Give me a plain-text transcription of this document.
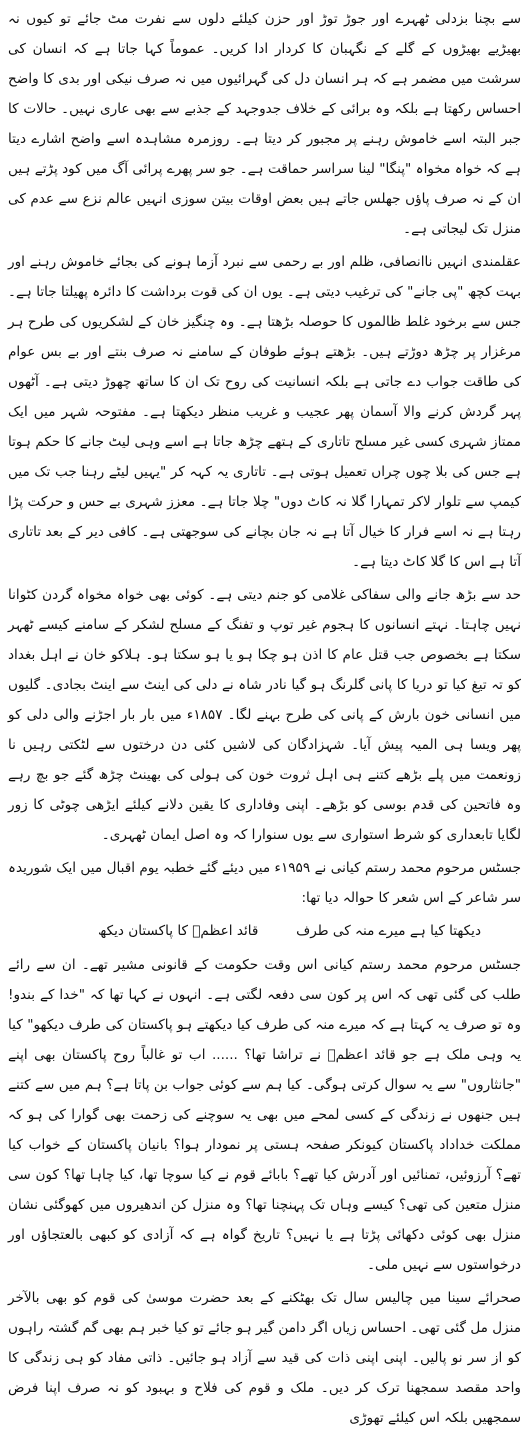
سے بچنا بزدلی ٹھہرے اور جوڑ توڑ اور حزن کیلئے دلوں سے نفرت مٹ جائے تو کیوں نہ بھیڑیے بھیڑوں کے گلے کے نگہبان کا کردار ادا کریں۔ عموماً کہا جاتا ہے کہ انسان کی سرشت میں مضمر ہے کہ ہر انسان دل کی گہرائیوں میں نہ صرف نیکی اور بدی کا واضح احساس رکھتا ہے بلکہ وہ برائی کے خلاف جدوجہد کے جذبے سے بھی عاری نہیں۔ حالات کا جبر البتہ اسے خاموش رہنے پر مجبور کر دیتا ہے۔ روزمرہ مشاہدہ اسے واضح اشارے دیتا ہے کہ خواہ مخواہ "پنگا" لینا سراسر حماقت ہے۔ جو سر پھرے پرائی آگ میں کود پڑتے ہیں ان کے نہ صرف پاؤں جھلس جاتے ہیں بعض اوقات بیتن سوزی انہیں عالم نزع سے عدم کی منزل تک لیجاتی ہے۔

عقلمندی انہیں ناانصافی، ظلم اور بے رحمی سے نبرد آزما ہونے کی بجائے خاموش رہنے اور بہت کچھ "پی جانے" کی ترغیب دیتی ہے۔ یوں ان کی قوت برداشت کا دائرہ پھیلتا جاتا ہے۔ جس سے برخود غلط ظالموں کا حوصلہ بڑھتا ہے۔ وہ چنگیز خان کے لشکریوں کی طرح ہر مرغزار پر چڑھ دوڑتے ہیں۔ بڑھتے ہوئے طوفان کے سامنے نہ صرف بنتے اور بے بس عوام کی طاقت جواب دے جاتی ہے بلکہ انسانیت کی روح تک ان کا ساتھ چھوڑ دیتی ہے۔ آٹھوں پہر گردش کرنے والا آسمان پھر عجیب و غریب منظر دیکھتا ہے۔ مفتوحہ شہر میں ایک ممتاز شہری کسی غیر مسلح تاتاری کے ہتھے چڑھ جاتا ہے اسے وہی لیٹ جانے کا حکم ہوتا ہے جس کی بلا چوں چراں تعمیل ہوتی ہے۔ تاتاری یہ کہہ کر "یہیں لیٹے رہنا جب تک میں کیمپ سے تلوار لاکر تمہارا گلا نہ کاٹ دوں" چلا جاتا ہے۔ معزز شہری بے حس و حرکت پڑا رہتا ہے نہ اسے فرار کا خیال آتا ہے نہ جان بچانے کی سوجھتی ہے۔ کافی دیر کے بعد تاتاری آتا ہے اس کا گلا کاٹ دیتا ہے۔

حد سے بڑھ جانے والی سفاکی غلامی کو جنم دیتی ہے۔ کوئی بھی خواہ مخواہ گردن کٹوانا نہیں چاہتا۔ نہتے انسانوں کا ہجوم غیر توپ و تفنگ کے مسلح لشکر کے سامنے کیسے ٹھہر سکتا ہے بخصوص جب قتل عام کا اذن ہو چکا ہو یا ہو سکتا ہو۔ ہلاکو خان نے اہل بغداد کو تہ تیغ کیا تو دریا کا پانی گلرنگ ہو گیا نادر شاہ نے دلی کی اینٹ سے اینٹ بجادی۔ گلیوں میں انسانی خون بارش کے پانی کی طرح بہنے لگا۔ ۱۸۵۷ء میں بار بار اجڑنے والی دلی کو پھر ویسا ہی المیہ پیش آیا۔ شہزادگان کی لاشیں کئی دن درختوں سے لٹکتی رہیں نا زونعمت میں پلے بڑھے کتنے ہی اہل ثروت خون کی ہولی کی بھینٹ چڑھ گئے جو بچ رہے وہ فاتحین کی قدم بوسی کو بڑھے۔ اپنی وفاداری کا یقین دلانے کیلئے ایڑھی چوٹی کا زور لگایا تابعداری کو شرط استواری سے یوں سنوارا کہ وہ اصل ایمان ٹھہری۔

جسٹس مرحوم محمد رستم کیانی نے ۱۹۵۹ء میں دیئے گئے خطبہ یوم اقبال میں ایک شوریدہ سر شاعر کے اس شعر کا حوالہ دیا تھا:

دیکھتا کیا ہے میرے منہ کی طرف
قائد اعظمؒ کا پاکستان دیکھ

جسٹس مرحوم محمد رستم کیانی اس وقت حکومت کے قانونی مشیر تھے۔ ان سے رائے طلب کی گئی تھی کہ اس پر کون سی دفعہ لگتی ہے۔ انہوں نے کہا تھا کہ "خدا کے بندو! وہ تو صرف یہ کہتا ہے کہ میرے منہ کی طرف کیا دیکھتے ہو پاکستان کی طرف دیکھو" کیا یہ وہی ملک ہے جو قائد اعظمؒ نے تراشا تھا؟ ...... اب تو غالباً روح پاکستان بھی اپنے "جانثاروں" سے یہ سوال کرتی ہوگی۔ کیا ہم سے کوئی جواب بن پاتا ہے؟ ہم میں سے کتنے ہیں جنھوں نے زندگی کے کسی لمحے میں بھی یہ سوچنے کی زحمت بھی گوارا کی ہو کہ مملکت خداداد پاکستان کیونکر صفحہ ہستی پر نمودار ہوا؟ بانیان پاکستان کے خواب کیا تھے؟ آرزوئیں، تمنائیں اور آدرش کیا تھے؟ بابائے قوم نے کیا سوچا تھا، کیا چاہا تھا؟ کون سی منزل متعین کی تھی؟ کیسے وہاں تک پہنچنا تھا؟ وہ منزل کن اندھیروں میں کھوگئی نشان منزل بھی کوئی دکھائی پڑتا ہے یا نہیں؟ تاریخ گواہ ہے کہ آزادی کو کبھی بالعتجاؤں اور درخواستوں سے نہیں ملی۔

صحرائے سینا میں چالیس سال تک بھٹکنے کے بعد حضرت موسیٰ کی قوم کو بھی بالآخر منزل مل گئی تھی۔ احساس زیاں اگر دامن گیر ہو جائے تو کیا خبر ہم بھی گم گشتہ راہوں کو از سر نو پالیں۔ اپنی اپنی ذات کی قید سے آزاد ہو جائیں۔ ذاتی مفاد کو ہی زندگی کا واحد مقصد سمجھنا ترک کر دیں۔ ملک و قوم کی فلاح و بہبود کو نہ صرف اپنا فرض سمجھیں بلکہ اس کیلئے تھوڑی
